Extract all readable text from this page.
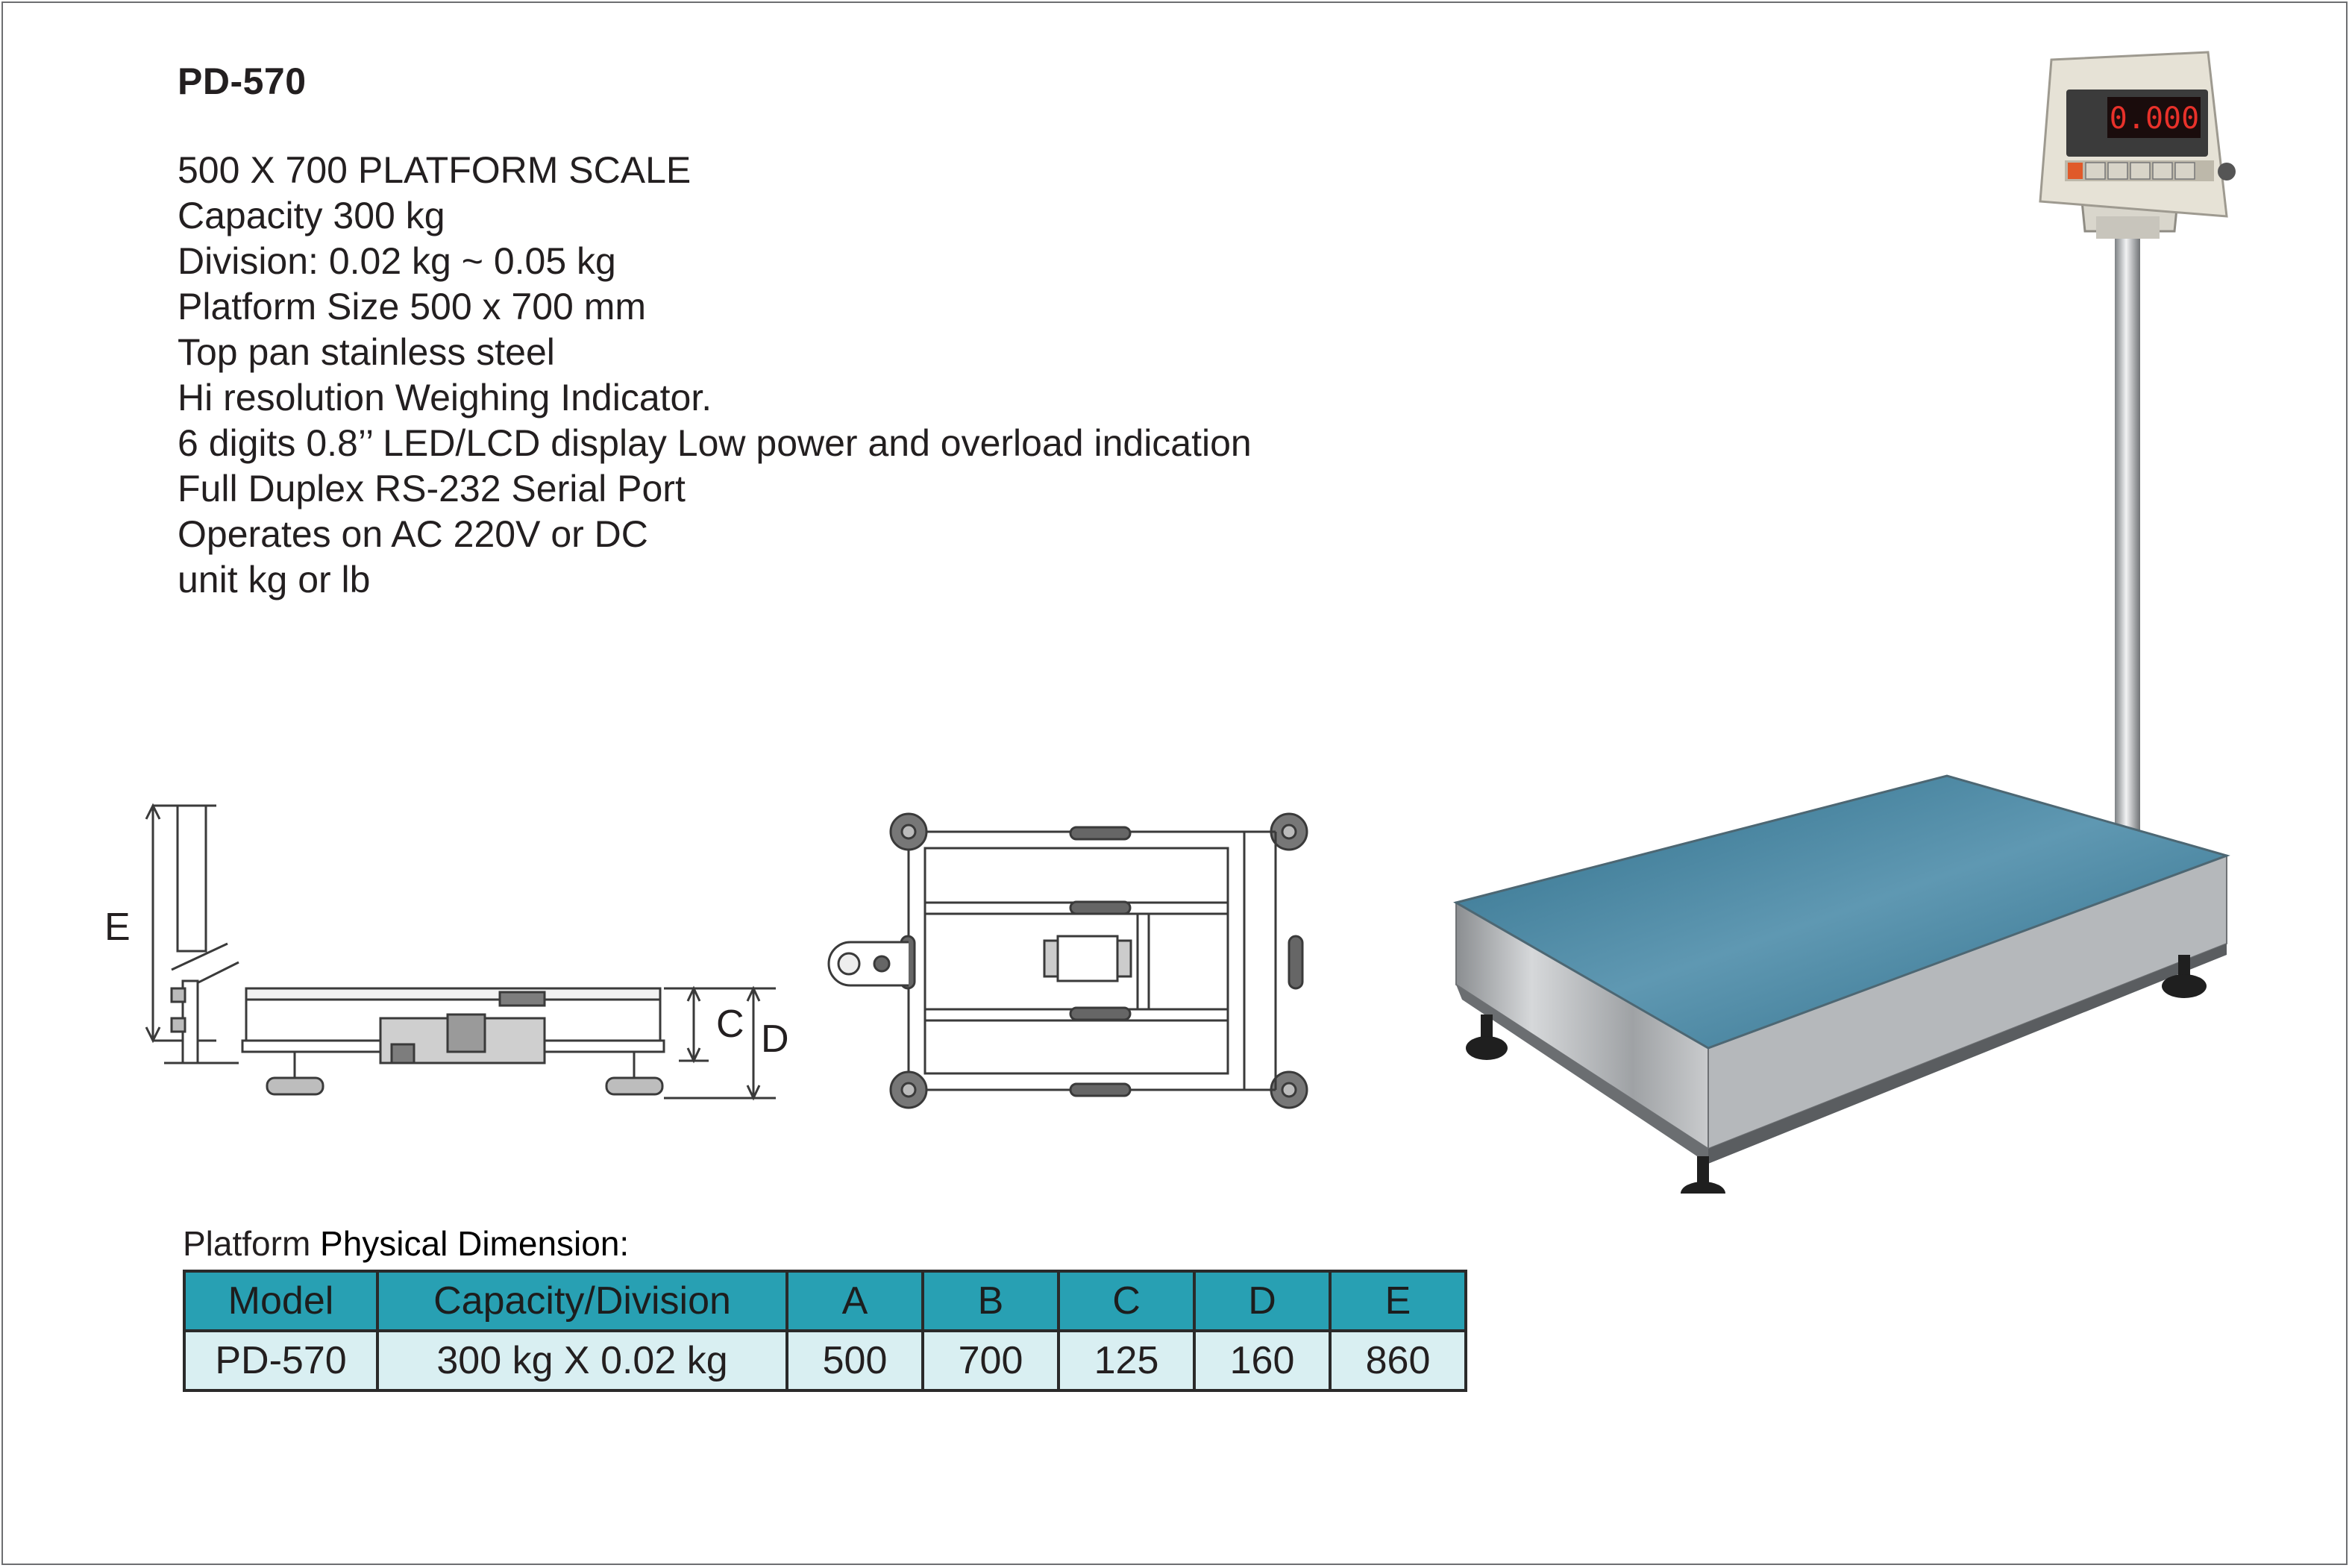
PD-570
500 X 700 PLATFORM SCALE
Capacity 300 kg
Division: 0.02 kg ~ 0.05 kg
Platform Size 500 x 700 mm
Top pan stainless steel
Hi resolution Weighing Indicator.
6 digits 0.8’’ LED/LCD display Low power and overload indication
Full Duplex RS-232 Serial Port
Operates on AC 220V or DC
unit kg or lb
E
C D
0.000
Platform Physical Dimension:
Model	Capacity/Division	A	B	C	D	E
PD-570	300 kg X 0.02 kg	500	700	125	160	860
